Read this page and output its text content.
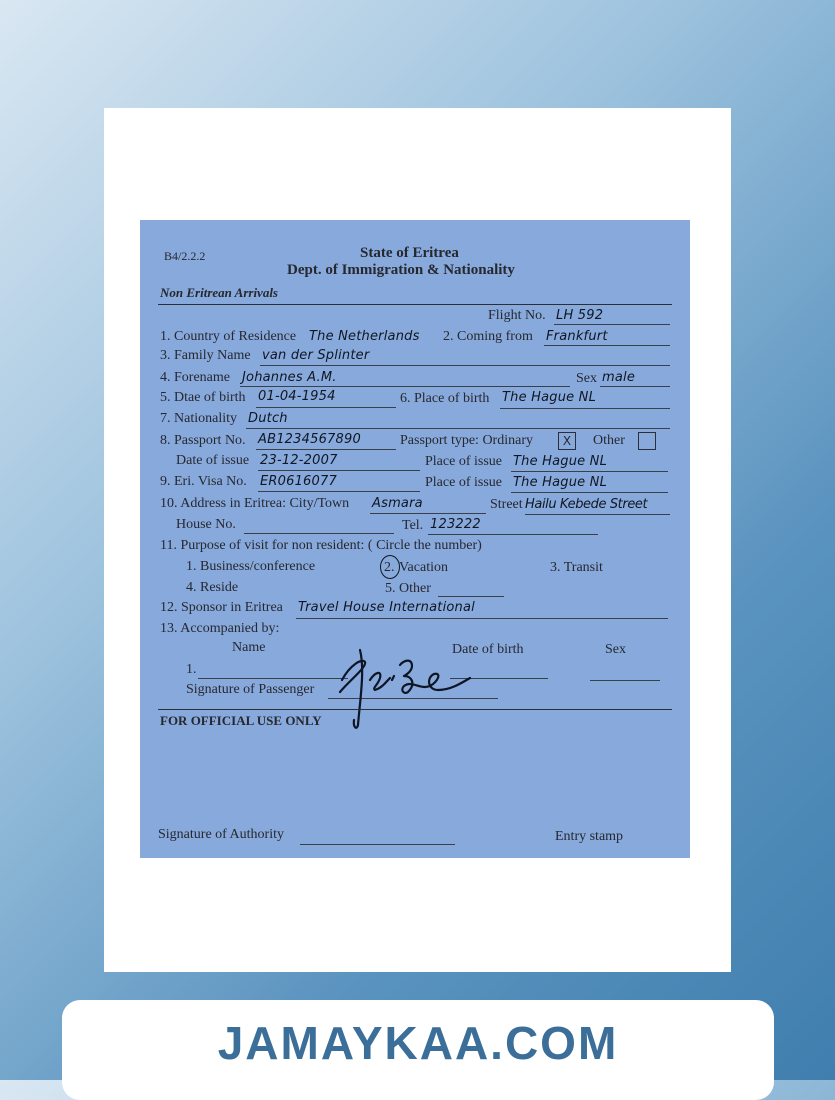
B4/2.2.2	State of Eritrea
Dept. of Immigration & Nationality
Non Eritrean Arrivals
Flight No. LH 592
1. Country of Residence The Netherlands 2. Coming from Frankfurt
3. Family Name van der Splinter
4. Forename Johannes A.M.	Sex male
5. Dtae of birth 01-04-1954	6. Place of birth The Hague NL
7. Nationality Dutch
8. Passport No. AB1234567890	Passport type: Ordinary	X	Other
Date of issue 23-12-2007	Place of issue The Hague NL
9. Eri. Visa No. ER0616077	Place of issue The Hague NL
10. Address in Eritrea: City/Town Asmara	Street Hailu Kebede Street
House No.	Tel. 123222
11. Purpose of visit for non resident: ( Circle the number)
1. Business/conference	2. Vacation	3. Transit
4. Reside	5. Other
12. Sponsor in Eritrea Travel House International
13. Accompanied by:
Name	Date of birth	Sex
1.
Signature of Passenger
FOR OFFICIAL USE ONLY
Signature of Authority	Entry stamp
JAMAYKAA.COM
